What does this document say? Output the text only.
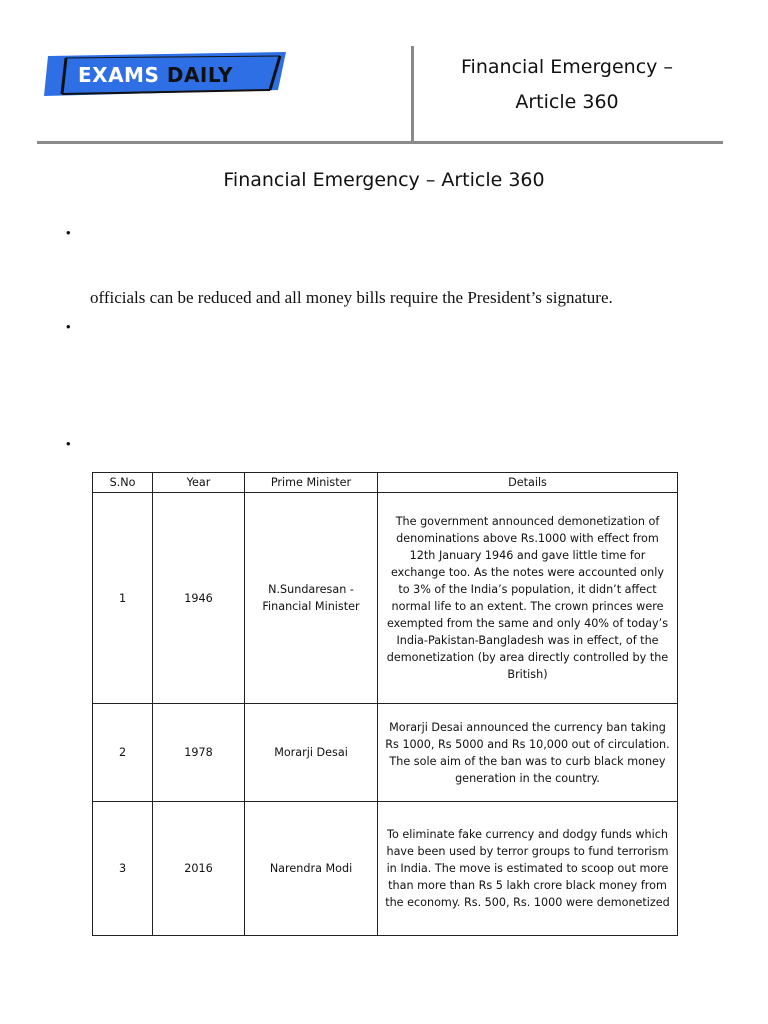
EXAMS DAILY	Financial Emergency –
Article 360
Financial Emergency – Article 360
•
officials can be reduced and all money bills require the President’s signature.
•
•
S.No	Year	Prime Minister	Details
1	1946	N.Sundaresan - Financial Minister	The government announced demonetization of denominations above Rs.1000 with effect from 12th January 1946 and gave little time for exchange too. As the notes were accounted only to 3% of the India’s population, it didn’t affect normal life to an extent. The crown princes were exempted from the same and only 40% of today’s India-Pakistan-Bangladesh was in effect, of the demonetization (by area directly controlled by the British)
2	1978	Morarji Desai	Morarji Desai announced the currency ban taking Rs 1000, Rs 5000 and Rs 10,000 out of circulation. The sole aim of the ban was to curb black money generation in the country.
3	2016	Narendra Modi	To eliminate fake currency and dodgy funds which have been used by terror groups to fund terrorism in India. The move is estimated to scoop out more than more than Rs 5 lakh crore black money from the economy. Rs. 500, Rs. 1000 were demonetized
